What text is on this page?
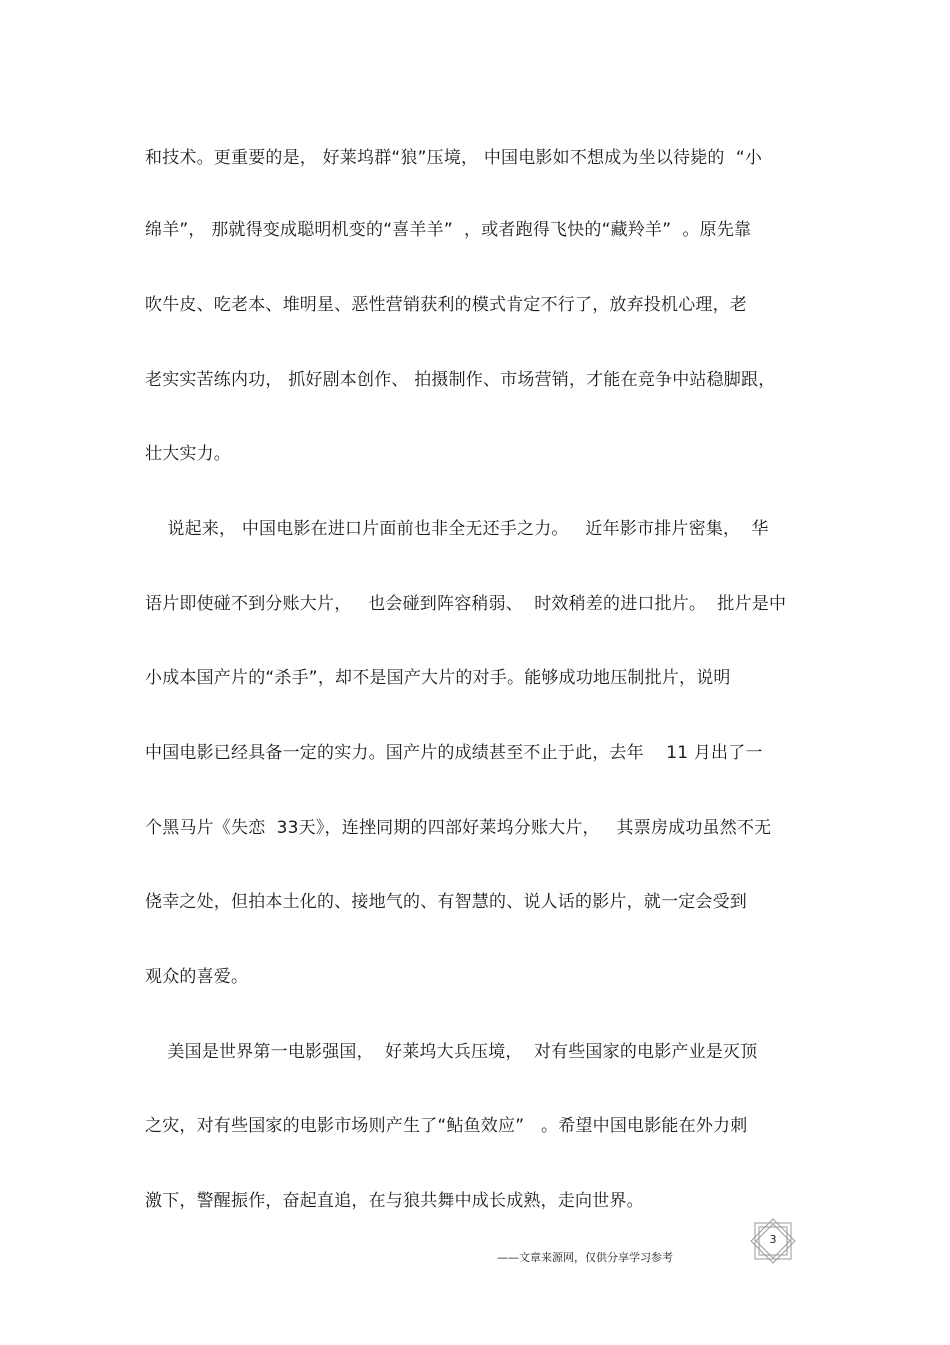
和技术。更重要的是， 好莱坞群“狼”压境， 中国电影如不想成为坐以待毙的  “小
绵羊”， 那就得变成聪明机变的“喜羊羊”  ，或者跑得飞快的“藏羚羊”  。原先靠
吹牛皮、吃老本、堆明星、恶性营销获利的模式肯定不行了，放弃投机心理，老
老实实苦练内功， 抓好剧本创作、 拍摄制作、市场营销，才能在竞争中站稳脚跟，
壮大实力。
说起来， 中国电影在进口片面前也非全无还手之力。   近年影市排片密集，  华
语片即使碰不到分账大片，   也会碰到阵容稍弱、  时效稍差的进口批片。  批片是中
小成本国产片的“杀手”，却不是国产大片的对手。能够成功地压制批片，说明
中国电影已经具备一定的实力。国产片的成绩甚至不止于此，去年    11 月出了一
个黑马片《失恋  33天》，连挫同期的四部好莱坞分账大片，   其票房成功虽然不无
侥幸之处，但拍本土化的、接地气的、有智慧的、说人话的影片，就一定会受到
观众的喜爱。
美国是世界第一电影强国，  好莱坞大兵压境，  对有些国家的电影产业是灭顶
之灾，对有些国家的电影市场则产生了“鲇鱼效应”   。希望中国电影能在外力刺
激下，警醒振作，奋起直追，在与狼共舞中成长成熟，走向世界。
——文章来源网，仅供分享学习参考
3
